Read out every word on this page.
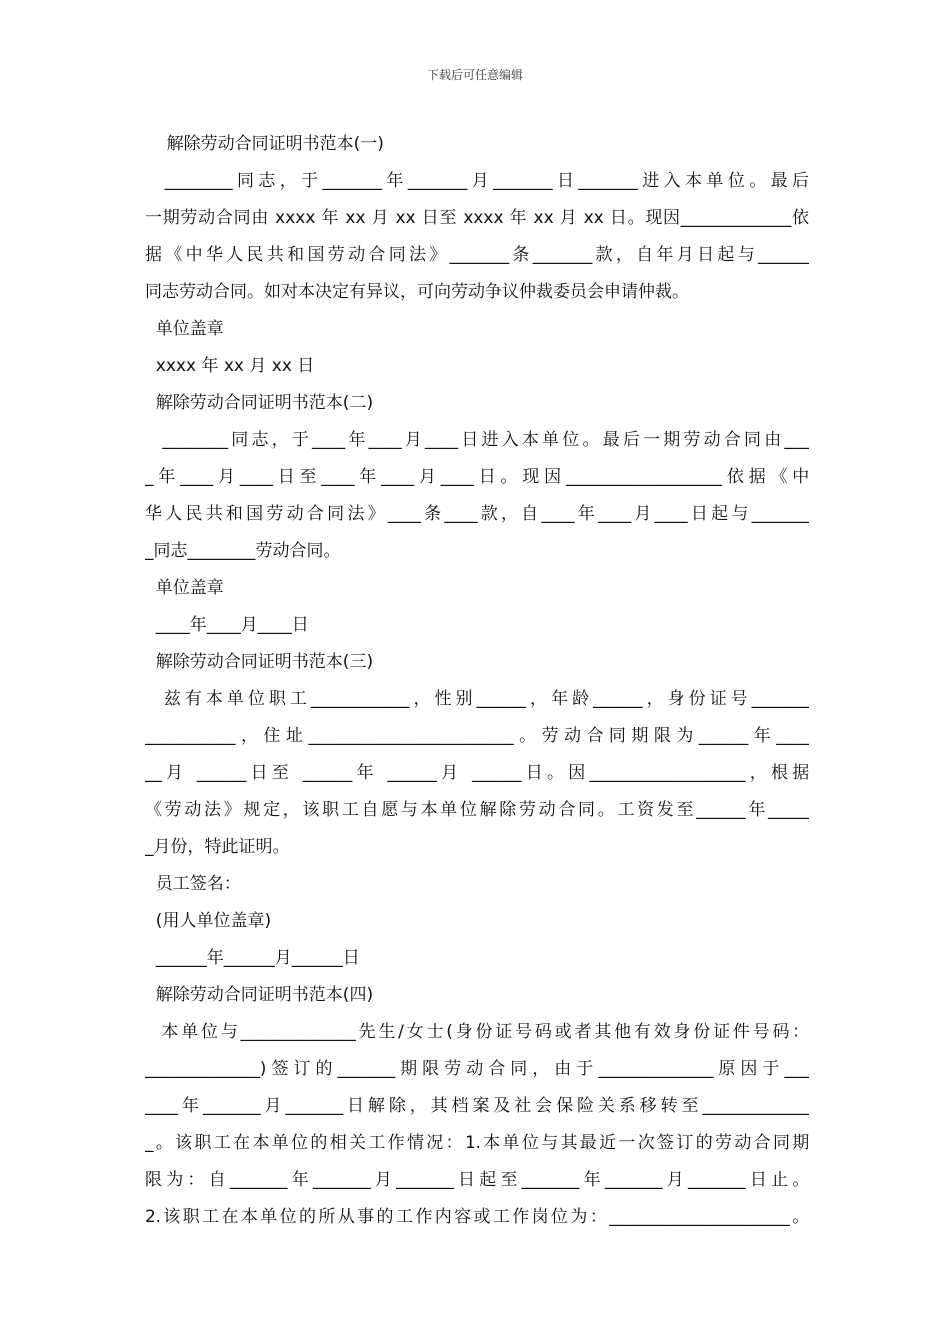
下载后可任意编辑
解除劳动合同证明书范本(一)
________同志，于_______年_______月_______日_______进入本单位。最后
一期劳动合同由 xxxx 年 xx 月 xx 日至 xxxx 年 xx 月 xx 日。现因_____________依
据《中华人民共和国劳动合同法》_______条_______款，自年月日起与______
同志劳动合同。如对本决定有异议，可向劳动争议仲裁委员会申请仲裁。
单位盖章
xxxx 年 xx 月 xx 日
解除劳动合同证明书范本(二)
________同志，于____年____月____日进入本单位。最后一期劳动合同由___
_年____月____日至____年____月____日。现因___________________依据《中
华人民共和国劳动合同法》____条____款，自____年____月____日起与_______
_同志________劳动合同。
单位盖章
____年____月____日
解除劳动合同证明书范本(三)
兹有本单位职工____________，性别______，年龄______，身份证号_______
___________，住址_________________________。劳动合同期限为______年____
__月 ______日至 ______年 ______月 ______日。因___________________，根据
《劳动法》规定，该职工自愿与本单位解除劳动合同。工资发至______年_____
_月份，特此证明。
员工签名：
(用人单位盖章)
______年______月______日
解除劳动合同证明书范本(四)
本单位与______________先生/女士(身份证号码或者其他有效身份证件号码：
______________)签订的_______期限劳动合同，由于______________原因于___
____年_______月_______日解除，其档案及社会保险关系移转至_____________
_。该职工在本单位的相关工作情况：1.本单位与其最近一次签订的劳动合同期
限为：自_______年_______月_______日起至_______年_______月_______日止。
2.该职工在本单位的所从事的工作内容或工作岗位为：______________________。
